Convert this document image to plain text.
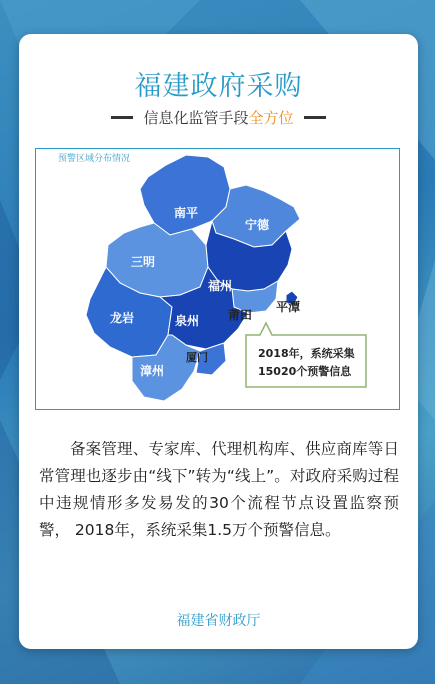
福建政府采购
信息化监管手段全方位
预警区域分布情况
南平
宁德
三明
福州
莆田
平潭
龙岩	泉州
漳州
厦门	2018年，系统采集
15020个预警信息
备案管理、专家库、代理机构库、供应商库等日常管理也逐步由“线下”转为“线上”。对政府采购过程中违规情形多发易发的30个流程节点设置监察预警， 2018年，系统采集1.5万个预警信息。
福建省财政厅
